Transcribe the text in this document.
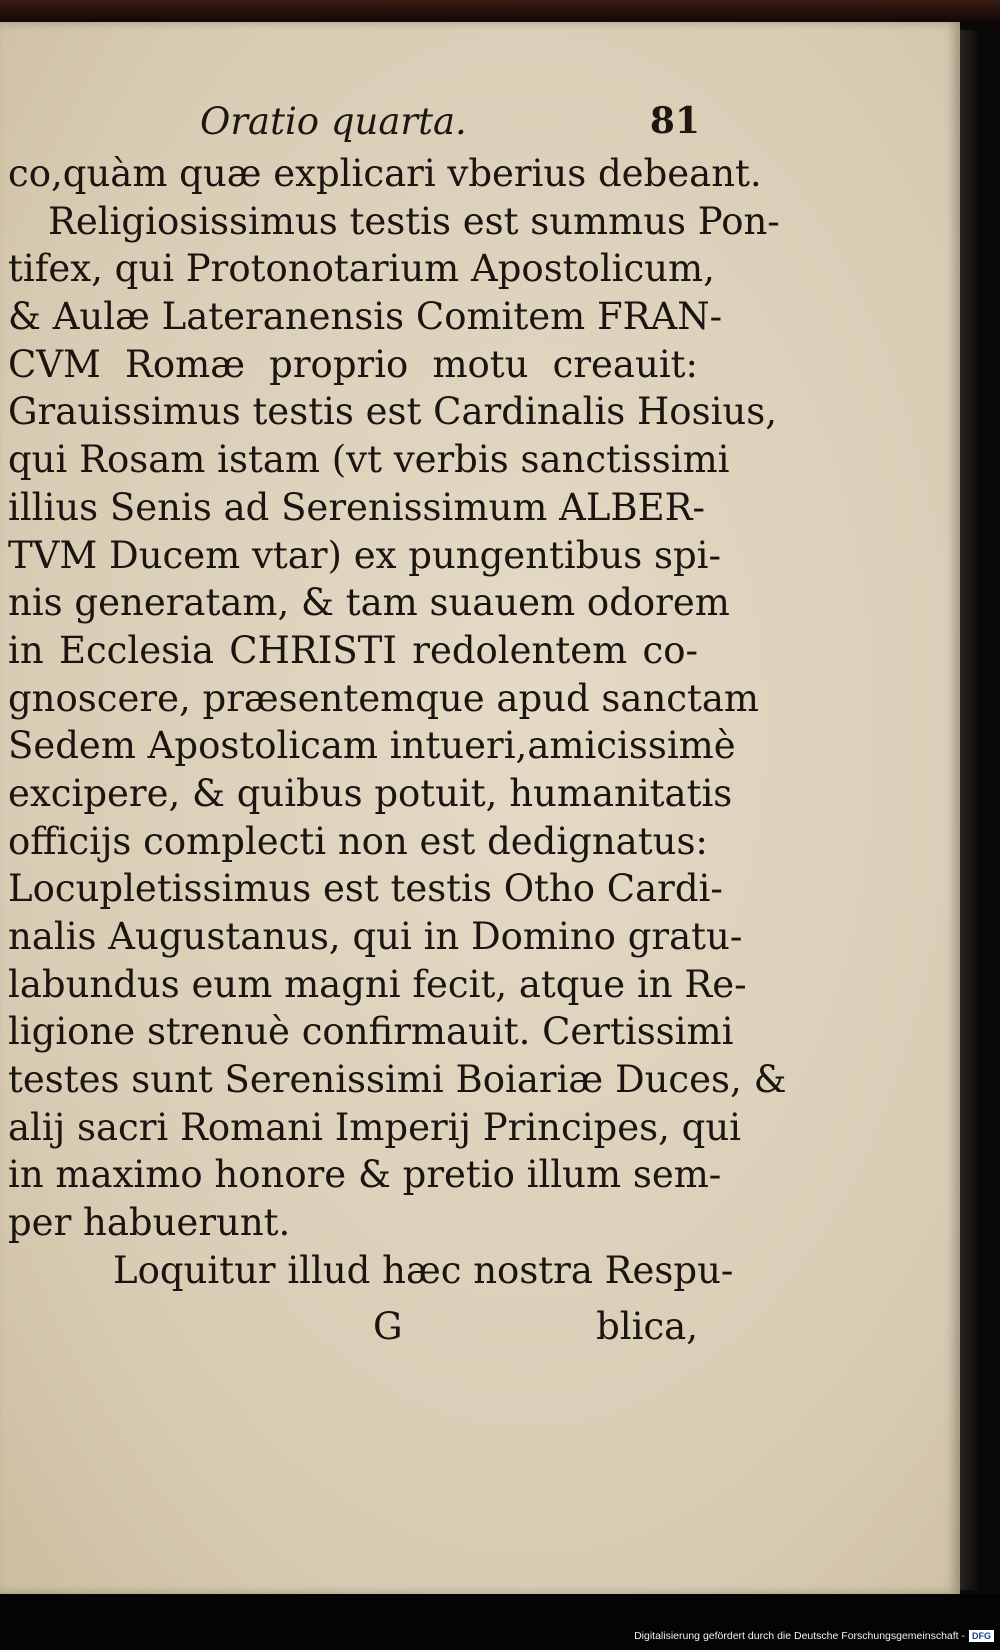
Oratio quarta.	81
co,quàm quæ explicari vberius debeant.
Religiosissimus testis est summus Pon-
tifex, qui Protonotarium Apostolicum,
& Aulæ Lateranensis Comitem FRAN-
CVM Romæ proprio motu creauit:
Grauissimus testis est Cardinalis Hosius,
qui Rosam istam (vt verbis sanctissimi
illius Senis ad Serenissimum ALBER-
TVM Ducem vtar) ex pungentibus spi-
nis generatam, & tam suauem odorem
in Ecclesia CHRISTI redolentem co-
gnoscere, præsentemque apud sanctam
Sedem Apostolicam intueri,amicissimè
excipere, & quibus potuit, humanitatis
officijs complecti non est dedignatus:
Locupletissimus est testis Otho Cardi-
nalis Augustanus, qui in Domino gratu-
labundus eum magni fecit, atque in Re-
ligione strenuè confirmauit. Certissimi
testes sunt Serenissimi Boiariæ Duces, &
alij sacri Romani Imperij Principes, qui
in maximo honore & pretio illum sem-
per habuerunt.
Loquitur illud hæc nostra Respu-
G	blica,
Digitalisierung gefördert durch die Deutsche Forschungsgemeinschaft - DFG
